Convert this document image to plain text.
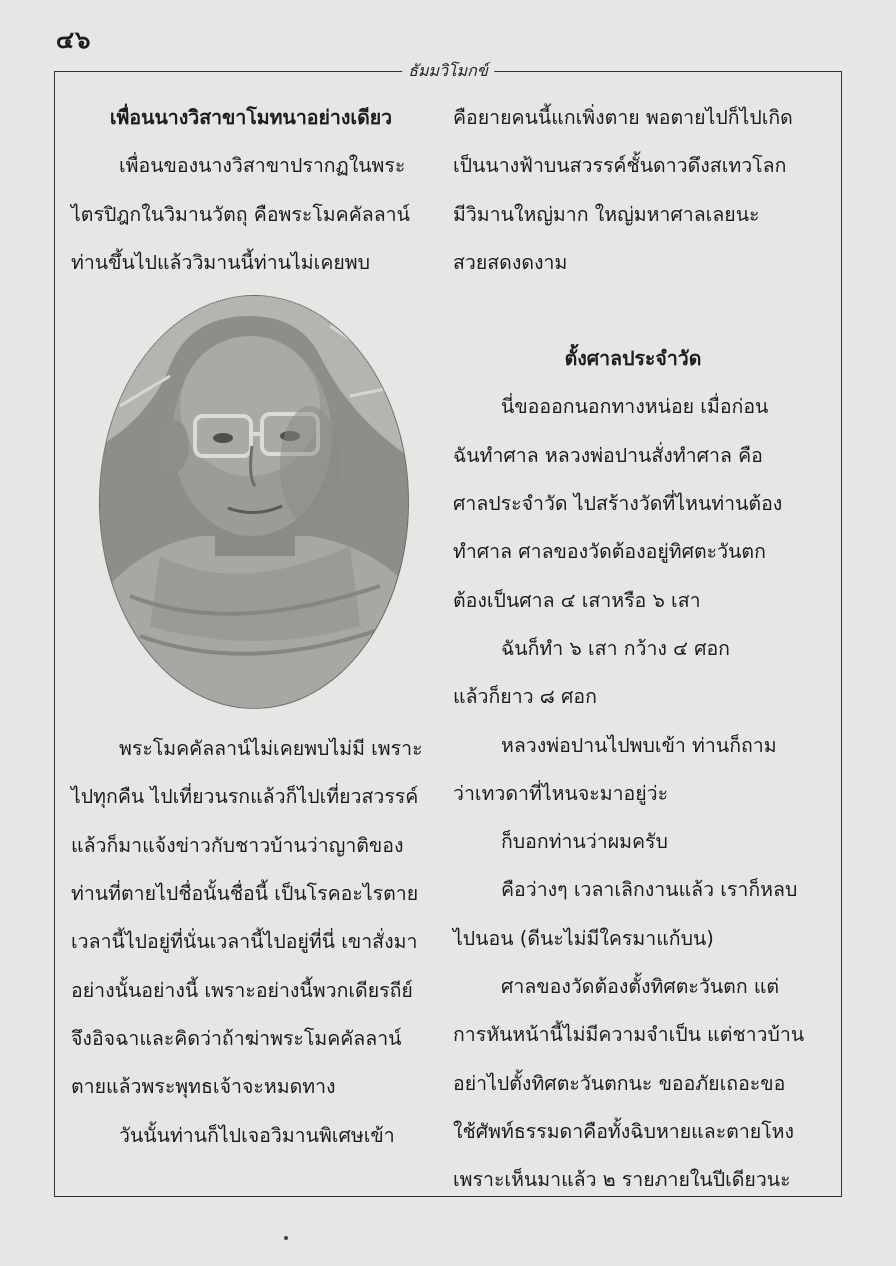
๔๖
ธัมมวิโมกข์

เพื่อนนางวิสาขาโมทนาอย่างเดียว

เพื่อนของนางวิสาขาปรากฏในพระ

ไตรปิฎกในวิมานวัตถุ คือพระโมคคัลลาน์

ท่านขึ้นไปแล้ววิมานนี้ท่านไม่เคยพบ

พระโมคคัลลาน์ไม่เคยพบไม่มี เพราะ

ไปทุกคืน ไปเที่ยวนรกแล้วก็ไปเที่ยวสวรรค์

แล้วก็มาแจ้งข่าวกับชาวบ้านว่าญาติของ

ท่านที่ตายไปชื่อนั้นชื่อนี้ เป็นโรคอะไรตาย

เวลานี้ไปอยู่ที่นั่นเวลานี้ไปอยู่ที่นี่ เขาสั่งมา

อย่างนั้นอย่างนี้ เพราะอย่างนี้พวกเดียรถีย์

จึงอิจฉาและคิดว่าถ้าฆ่าพระโมคคัลลาน์

ตายแล้วพระพุทธเจ้าจะหมดทาง

วันนั้นท่านก็ไปเจอวิมานพิเศษเข้า

คือยายคนนี้แกเพิ่งตาย พอตายไปก็ไปเกิด

เป็นนางฟ้าบนสวรรค์ชั้นดาวดึงสเทวโลก

มีวิมานใหญ่มาก ใหญ่มหาศาลเลยนะ

สวยสดงดงาม

ตั้งศาลประจำวัด

นี่ขอออกนอกทางหน่อย เมื่อก่อน

ฉันทำศาล หลวงพ่อปานสั่งทำศาล คือ

ศาลประจำวัด ไปสร้างวัดที่ไหนท่านต้อง

ทำศาล ศาลของวัดต้องอยู่ทิศตะวันตก

ต้องเป็นศาล ๔ เสาหรือ ๖ เสา

ฉันก็ทำ ๖ เสา กว้าง ๔ ศอก

แล้วก็ยาว ๘ ศอก

หลวงพ่อปานไปพบเข้า ท่านก็ถาม

ว่าเทวดาที่ไหนจะมาอยู่ว่ะ

ก็บอกท่านว่าผมครับ

คือว่างๆ เวลาเลิกงานแล้ว เราก็หลบ

ไปนอน (ดีนะไม่มีใครมาแก้บน)

ศาลของวัดต้องตั้งทิศตะวันตก แต่

การหันหน้านี้ไม่มีความจำเป็น แต่ชาวบ้าน

อย่าไปตั้งทิศตะวันตกนะ ขออภัยเถอะขอ

ใช้ศัพท์ธรรมดาคือทั้งฉิบหายและตายโหง

เพราะเห็นมาแล้ว ๒ รายภายในปีเดียวนะ
